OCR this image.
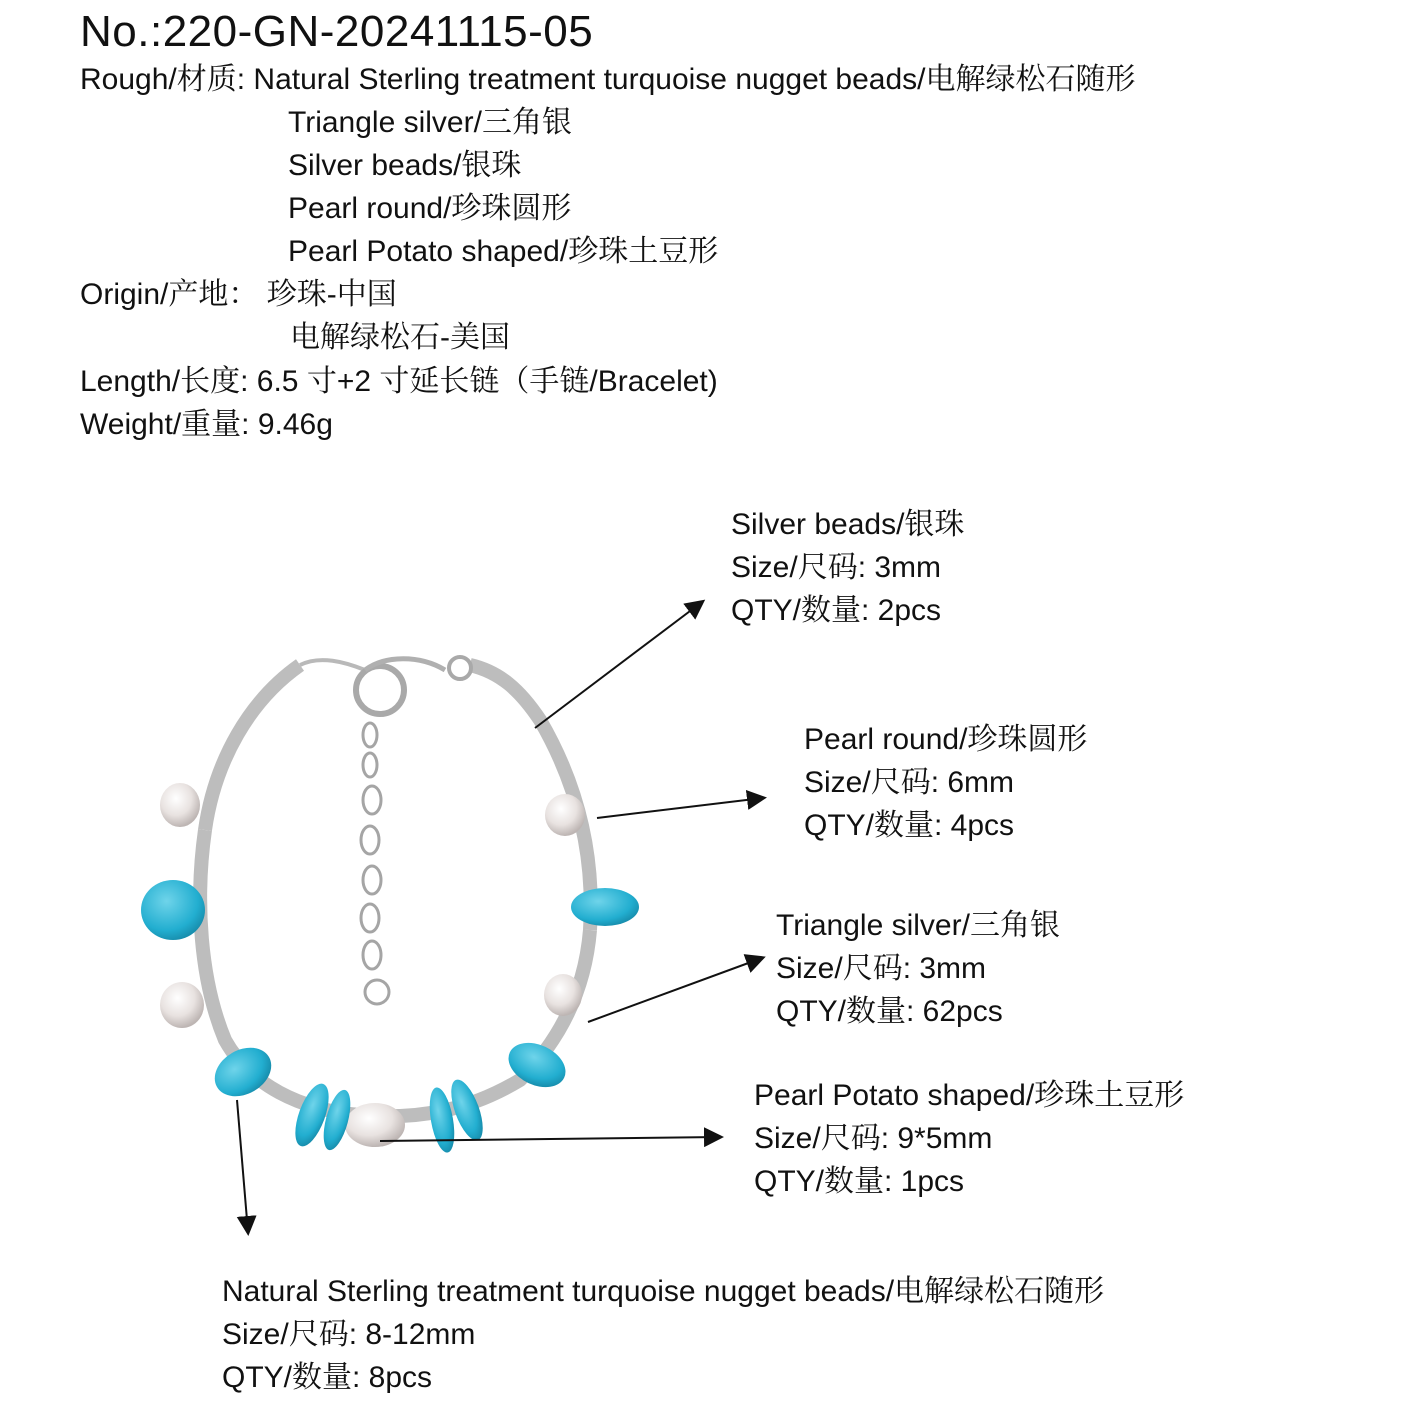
No.:220-GN-20241115-05
Rough/材质: Natural Sterling treatment turquoise nugget beads/电解绿松石随形
Triangle silver/三角银
Silver beads/银珠
Pearl round/珍珠圆形
Pearl Potato shaped/珍珠土豆形
Origin/产地： 珍珠-中国
电解绿松石-美国
Length/长度: 6.5 寸+2 寸延长链（手链/Bracelet)
Weight/重量: 9.46g
Silver beads/银珠
Size/尺码: 3mm
QTY/数量: 2pcs
Pearl round/珍珠圆形
Size/尺码: 6mm
QTY/数量: 4pcs
Triangle silver/三角银
Size/尺码: 3mm
QTY/数量: 62pcs
Pearl Potato shaped/珍珠土豆形
Size/尺码: 9*5mm
QTY/数量: 1pcs
Natural Sterling treatment turquoise nugget beads/电解绿松石随形
Size/尺码: 8-12mm
QTY/数量: 8pcs
